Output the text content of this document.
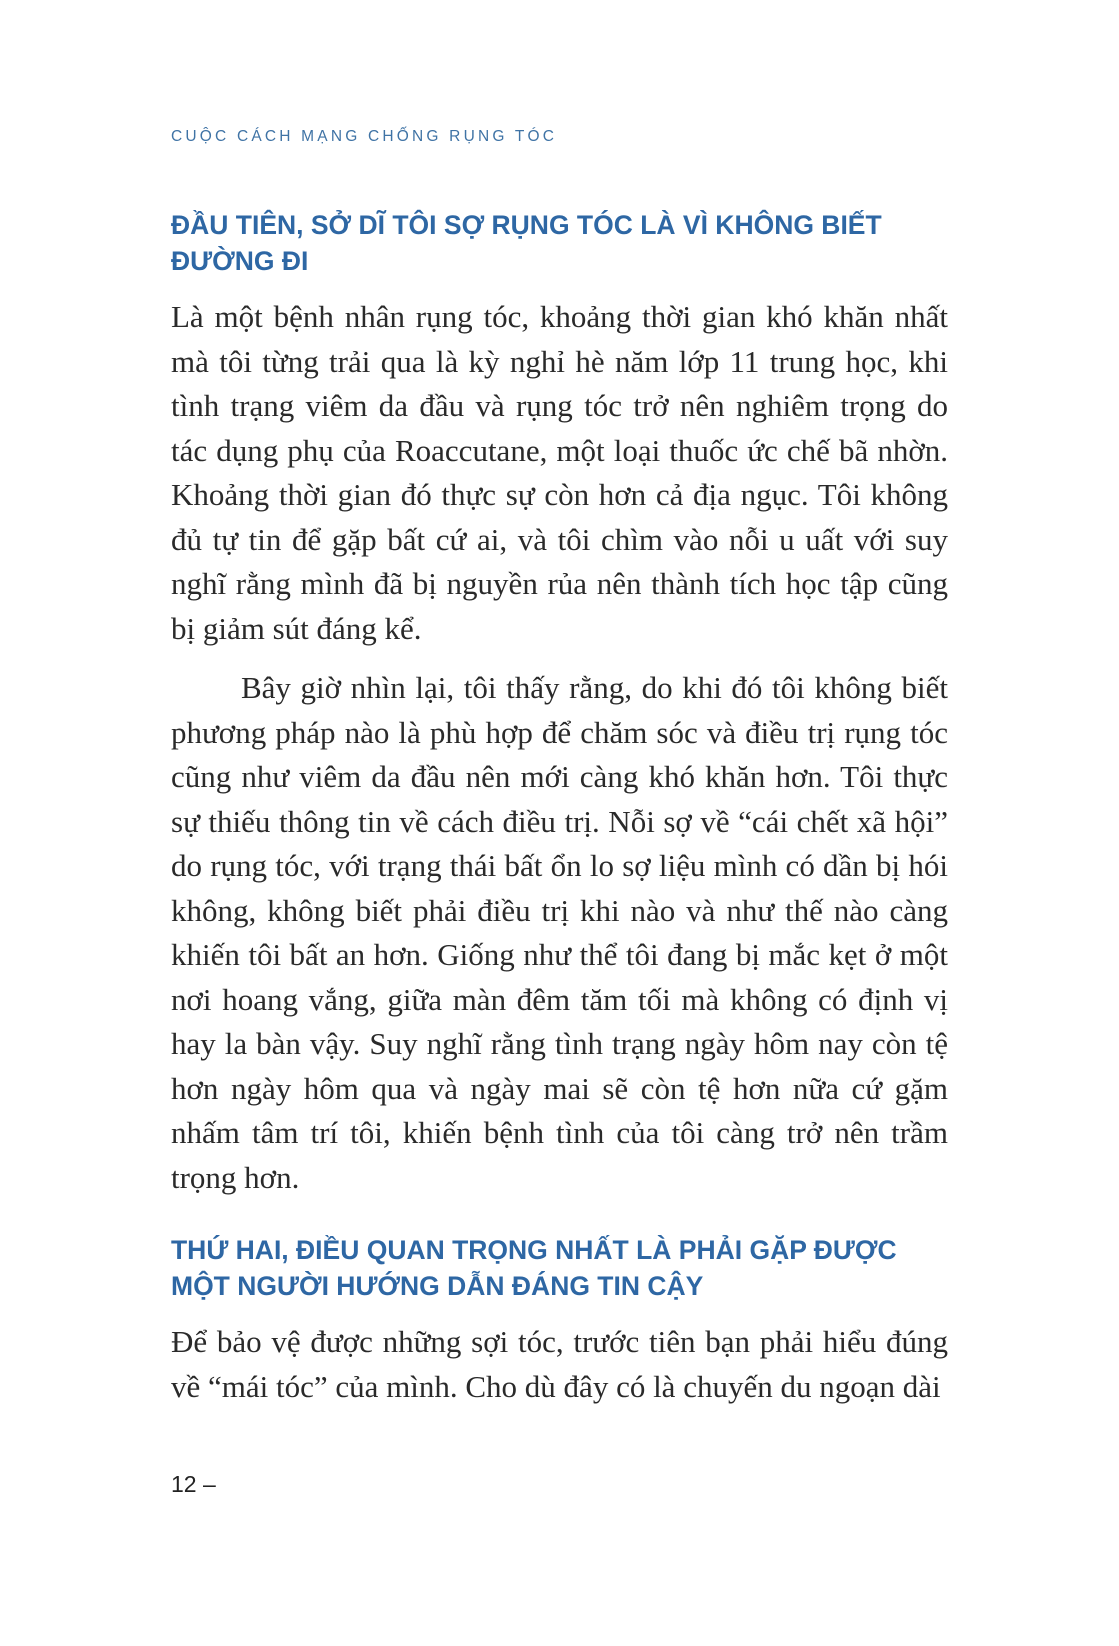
CUỘC CÁCH MẠNG CHỐNG RỤNG TÓC
ĐẦU TIÊN, SỞ DĨ TÔI SỢ RỤNG TÓC LÀ VÌ KHÔNG BIẾT ĐƯỜNG ĐI

Là một bệnh nhân rụng tóc, khoảng thời gian khó khăn nhất mà tôi từng trải qua là kỳ nghỉ hè năm lớp 11 trung học, khi tình trạng viêm da đầu và rụng tóc trở nên nghiêm trọng do tác dụng phụ của Roaccutane, một loại thuốc ức chế bã nhờn. Khoảng thời gian đó thực sự còn hơn cả địa ngục. Tôi không đủ tự tin để gặp bất cứ ai, và tôi chìm vào nỗi u uất với suy nghĩ rằng mình đã bị nguyền rủa nên thành tích học tập cũng bị giảm sút đáng kể.

Bây giờ nhìn lại, tôi thấy rằng, do khi đó tôi không biết phương pháp nào là phù hợp để chăm sóc và điều trị rụng tóc cũng như viêm da đầu nên mới càng khó khăn hơn. Tôi thực sự thiếu thông tin về cách điều trị. Nỗi sợ về “cái chết xã hội” do rụng tóc, với trạng thái bất ổn lo sợ liệu mình có dần bị hói không, không biết phải điều trị khi nào và như thế nào càng khiến tôi bất an hơn. Giống như thể tôi đang bị mắc kẹt ở một nơi hoang vắng, giữa màn đêm tăm tối mà không có định vị hay la bàn vậy. Suy nghĩ rằng tình trạng ngày hôm nay còn tệ hơn ngày hôm qua và ngày mai sẽ còn tệ hơn nữa cứ gặm nhấm tâm trí tôi, khiến bệnh tình của tôi càng trở nên trầm trọng hơn.

THỨ HAI, ĐIỀU QUAN TRỌNG NHẤT LÀ PHẢI GẶP ĐƯỢC MỘT NGƯỜI HƯỚNG DẪN ĐÁNG TIN CẬY

Để bảo vệ được những sợi tóc, trước tiên bạn phải hiểu đúng về “mái tóc” của mình. Cho dù đây có là chuyến du ngoạn dài

12 –
